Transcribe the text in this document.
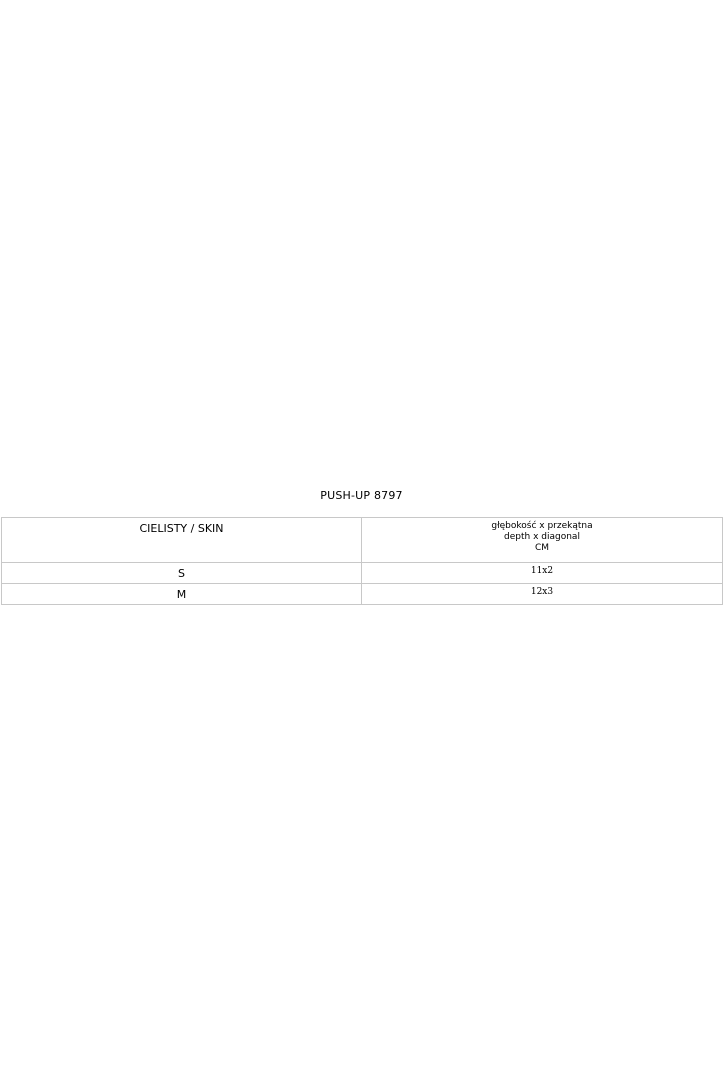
PUSH-UP 8797
CIELISTY / SKIN	głębokość x przekątna
depth x diagonal
CM

S	11x2
M	12x3
